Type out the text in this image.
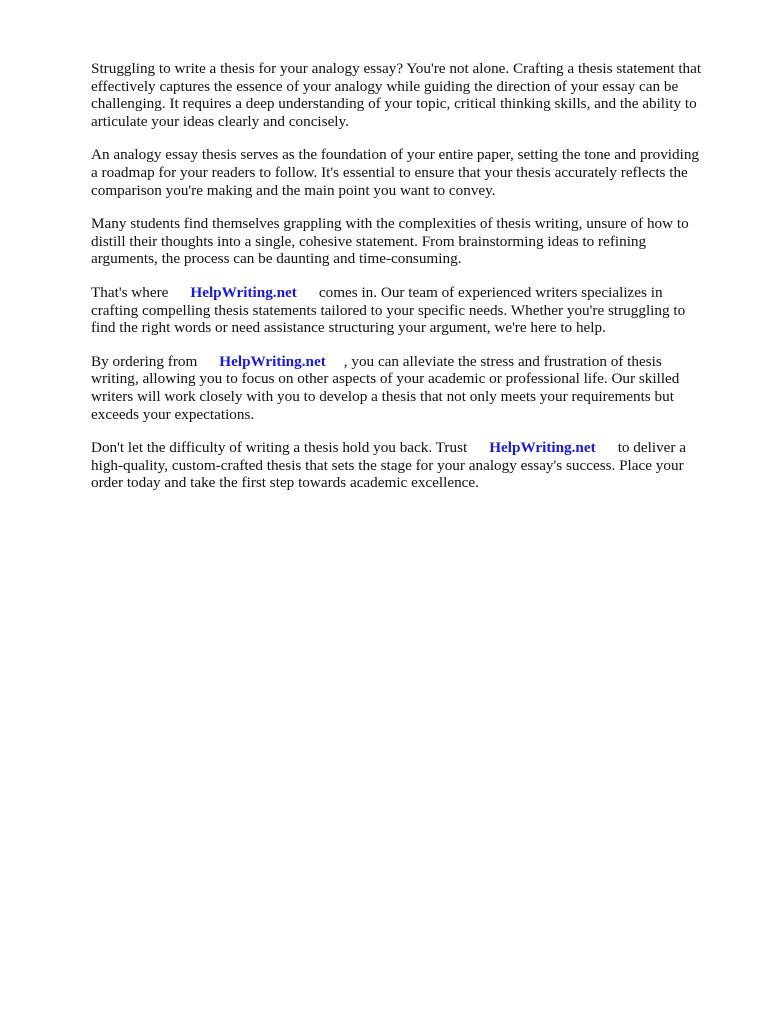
Struggling to write a thesis for your analogy essay? You're not alone. Crafting a thesis statement that
effectively captures the essence of your analogy while guiding the direction of your essay can be
challenging. It requires a deep understanding of your topic, critical thinking skills, and the ability to
articulate your ideas clearly and concisely.

An analogy essay thesis serves as the foundation of your entire paper, setting the tone and providing
a roadmap for your readers to follow. It's essential to ensure that your thesis accurately reflects the
comparison you're making and the main point you want to convey.

Many students find themselves grappling with the complexities of thesis writing, unsure of how to
distill their thoughts into a single, cohesive statement. From brainstorming ideas to refining
arguments, the process can be daunting and time-consuming.

That's where HelpWriting.net comes in. Our team of experienced writers specializes in
crafting compelling thesis statements tailored to your specific needs. Whether you're struggling to
find the right words or need assistance structuring your argument, we're here to help.

By ordering from HelpWriting.net , you can alleviate the stress and frustration of thesis
writing, allowing you to focus on other aspects of your academic or professional life. Our skilled
writers will work closely with you to develop a thesis that not only meets your requirements but
exceeds your expectations.

Don't let the difficulty of writing a thesis hold you back. Trust HelpWriting.net to deliver a
high-quality, custom-crafted thesis that sets the stage for your analogy essay's success. Place your
order today and take the first step towards academic excellence.
